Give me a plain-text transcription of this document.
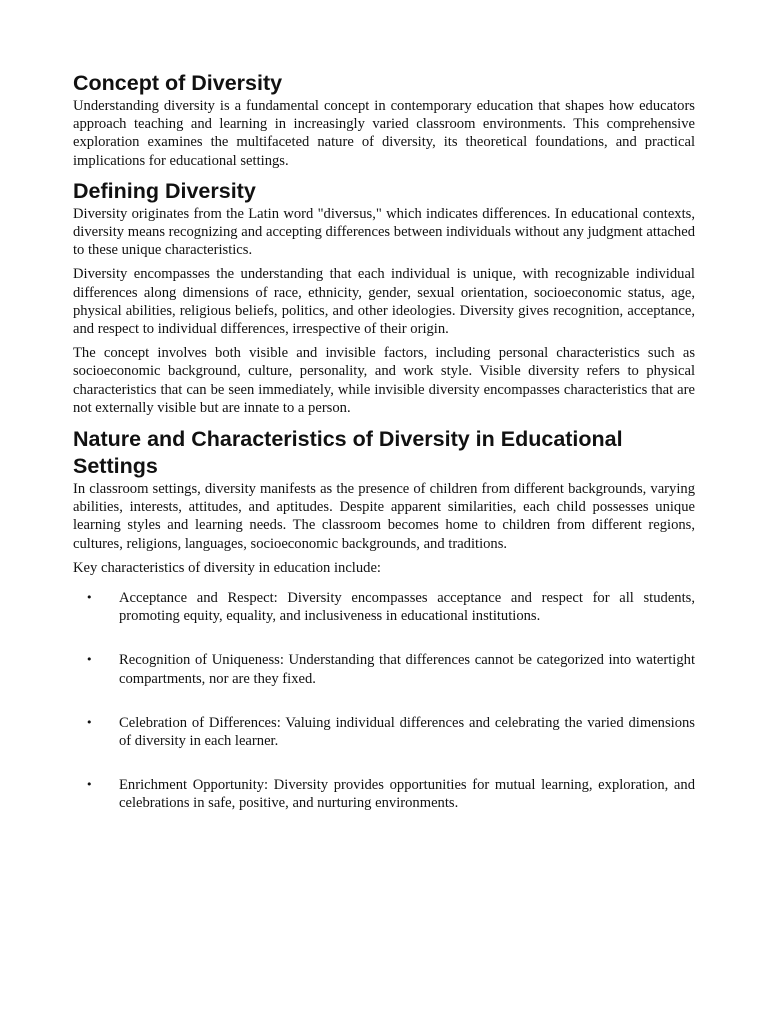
Concept of Diversity

Understanding diversity is a fundamental concept in contemporary education that shapes how educators approach teaching and learning in increasingly varied classroom environments. This comprehensive exploration examines the multifaceted nature of diversity, its theoretical foundations, and practical implications for educational settings.

Defining Diversity

Diversity originates from the Latin word "diversus," which indicates differences. In educational contexts, diversity means recognizing and accepting differences between individuals without any judgment attached to these unique characteristics.

Diversity encompasses the understanding that each individual is unique, with recognizable individual differences along dimensions of race, ethnicity, gender, sexual orientation, socioeconomic status, age, physical abilities, religious beliefs, politics, and other ideologies. Diversity gives recognition, acceptance, and respect to individual differences, irrespective of their origin.

The concept involves both visible and invisible factors, including personal characteristics such as socioeconomic background, culture, personality, and work style. Visible diversity refers to physical characteristics that can be seen immediately, while invisible diversity encompasses characteristics that are not externally visible but are innate to a person.

Nature and Characteristics of Diversity in Educational Settings

In classroom settings, diversity manifests as the presence of children from different backgrounds, varying abilities, interests, attitudes, and aptitudes. Despite apparent similarities, each child possesses unique learning styles and learning needs. The classroom becomes home to children from different regions, cultures, religions, languages, socioeconomic backgrounds, and traditions.

Key characteristics of diversity in education include:

• Acceptance and Respect: Diversity encompasses acceptance and respect for all students, promoting equity, equality, and inclusiveness in educational institutions.
• Recognition of Uniqueness: Understanding that differences cannot be categorized into watertight compartments, nor are they fixed.
• Celebration of Differences: Valuing individual differences and celebrating the varied dimensions of diversity in each learner.
• Enrichment Opportunity: Diversity provides opportunities for mutual learning, exploration, and celebrations in safe, positive, and nurturing environments.
